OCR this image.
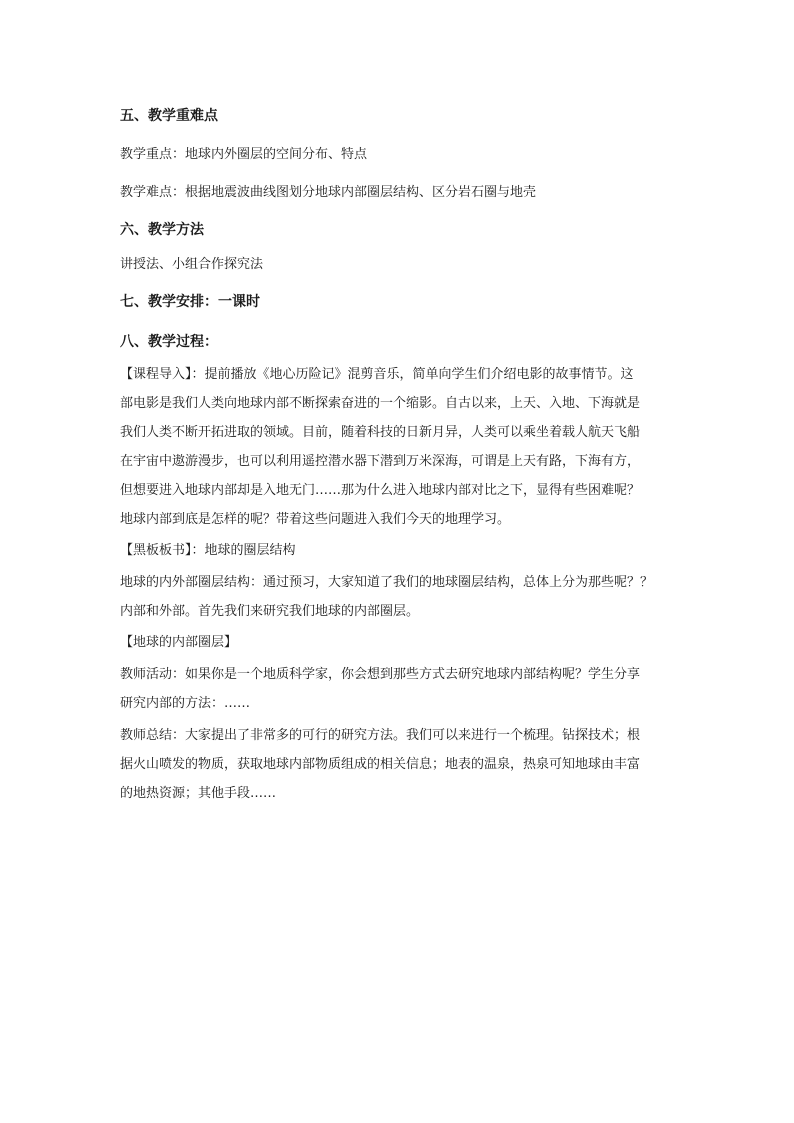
五、教学重难点
教学重点：地球内外圈层的空间分布、特点
教学难点：根据地震波曲线图划分地球内部圈层结构、区分岩石圈与地壳
六、教学方法
讲授法、小组合作探究法
七、教学安排：一课时
八、教学过程：
【课程导入】：提前播放《地心历险记》混剪音乐，简单向学生们介绍电影的故事情节。这
部电影是我们人类向地球内部不断探索奋进的一个缩影。自古以来，上天、入地、下海就是
我们人类不断开拓进取的领域。目前，随着科技的日新月异，人类可以乘坐着载人航天飞船
在宇宙中遨游漫步，也可以利用遥控潜水器下潜到万米深海，可谓是上天有路，下海有方，
但想要进入地球内部却是入地无门……那为什么进入地球内部对比之下，显得有些困难呢？
地球内部到底是怎样的呢？带着这些问题进入我们今天的地理学习。
【黑板板书】：地球的圈层结构
地球的内外部圈层结构：通过预习，大家知道了我们的地球圈层结构，总体上分为那些呢？？
内部和外部。首先我们来研究我们地球的内部圈层。
【地球的内部圈层】
教师活动：如果你是一个地质科学家，你会想到那些方式去研究地球内部结构呢？学生分享
研究内部的方法：……
教师总结：大家提出了非常多的可行的研究方法。我们可以来进行一个梳理。钻探技术；根
据火山喷发的物质，获取地球内部物质组成的相关信息；地表的温泉，热泉可知地球由丰富
的地热资源；其他手段……
